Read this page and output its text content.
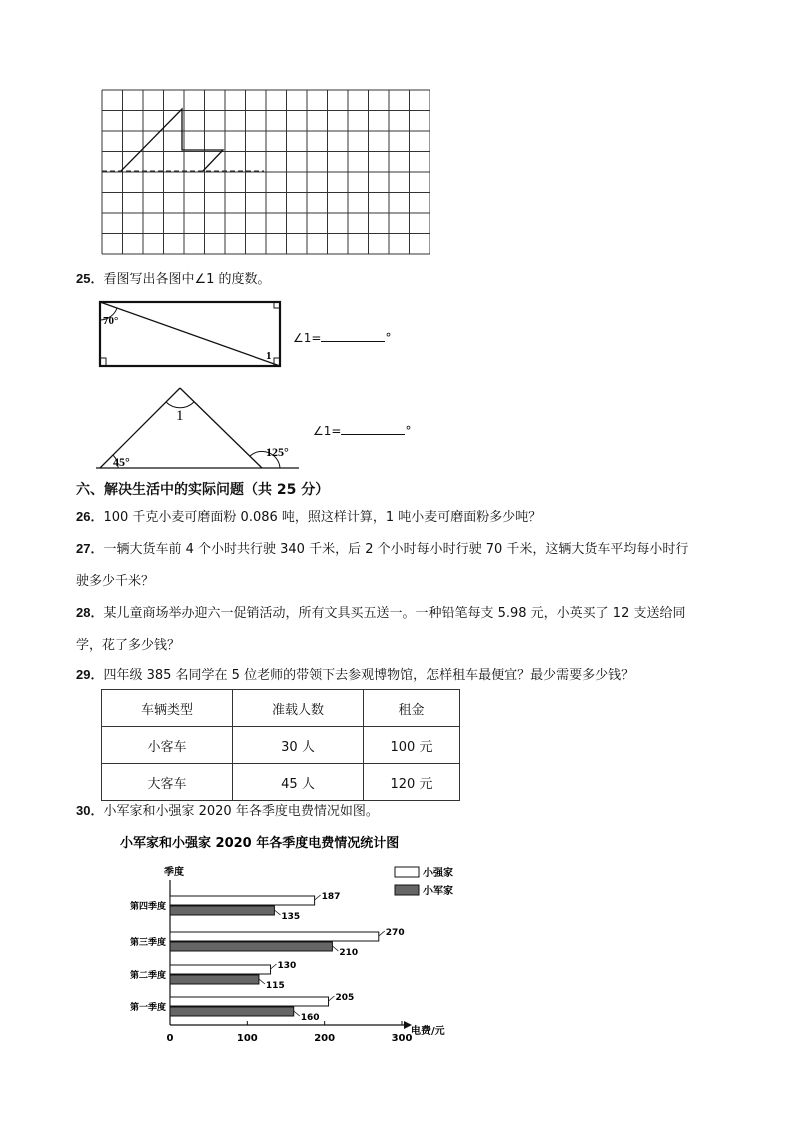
25．看图写出各图中∠1 的度数。
70°
1
∠1=	°
1
45°
125°
∠1=	°
六、解决生活中的实际问题（共 25 分）
26．100 千克小麦可磨面粉 0.086 吨，照这样计算，1 吨小麦可磨面粉多少吨？
27．一辆大货车前 4 个小时共行驶 340 千米，后 2 个小时每小时行驶 70 千米，这辆大货车平均每小时行
驶多少千米？
28．某儿童商场举办迎六一促销活动，所有文具买五送一。一种铅笔每支 5.98 元，小英买了 12 支送给同
学，花了多少钱？
29．四年级 385 名同学在 5 位老师的带领下去参观博物馆，怎样租车最便宜？最少需要多少钱？
车辆类型	准载人数	租金
小客车	30 人	100 元
大客车	45 人	120 元
30．小军家和小强家 2020 年各季度电费情况如图。
小军家和小强家 2020 年各季度电费情况统计图
季度
电费/元
小强家
小军家
0	100	200	300
第四季度
187
135
第三季度
270
210
第二季度
130
115
第一季度
205
160
